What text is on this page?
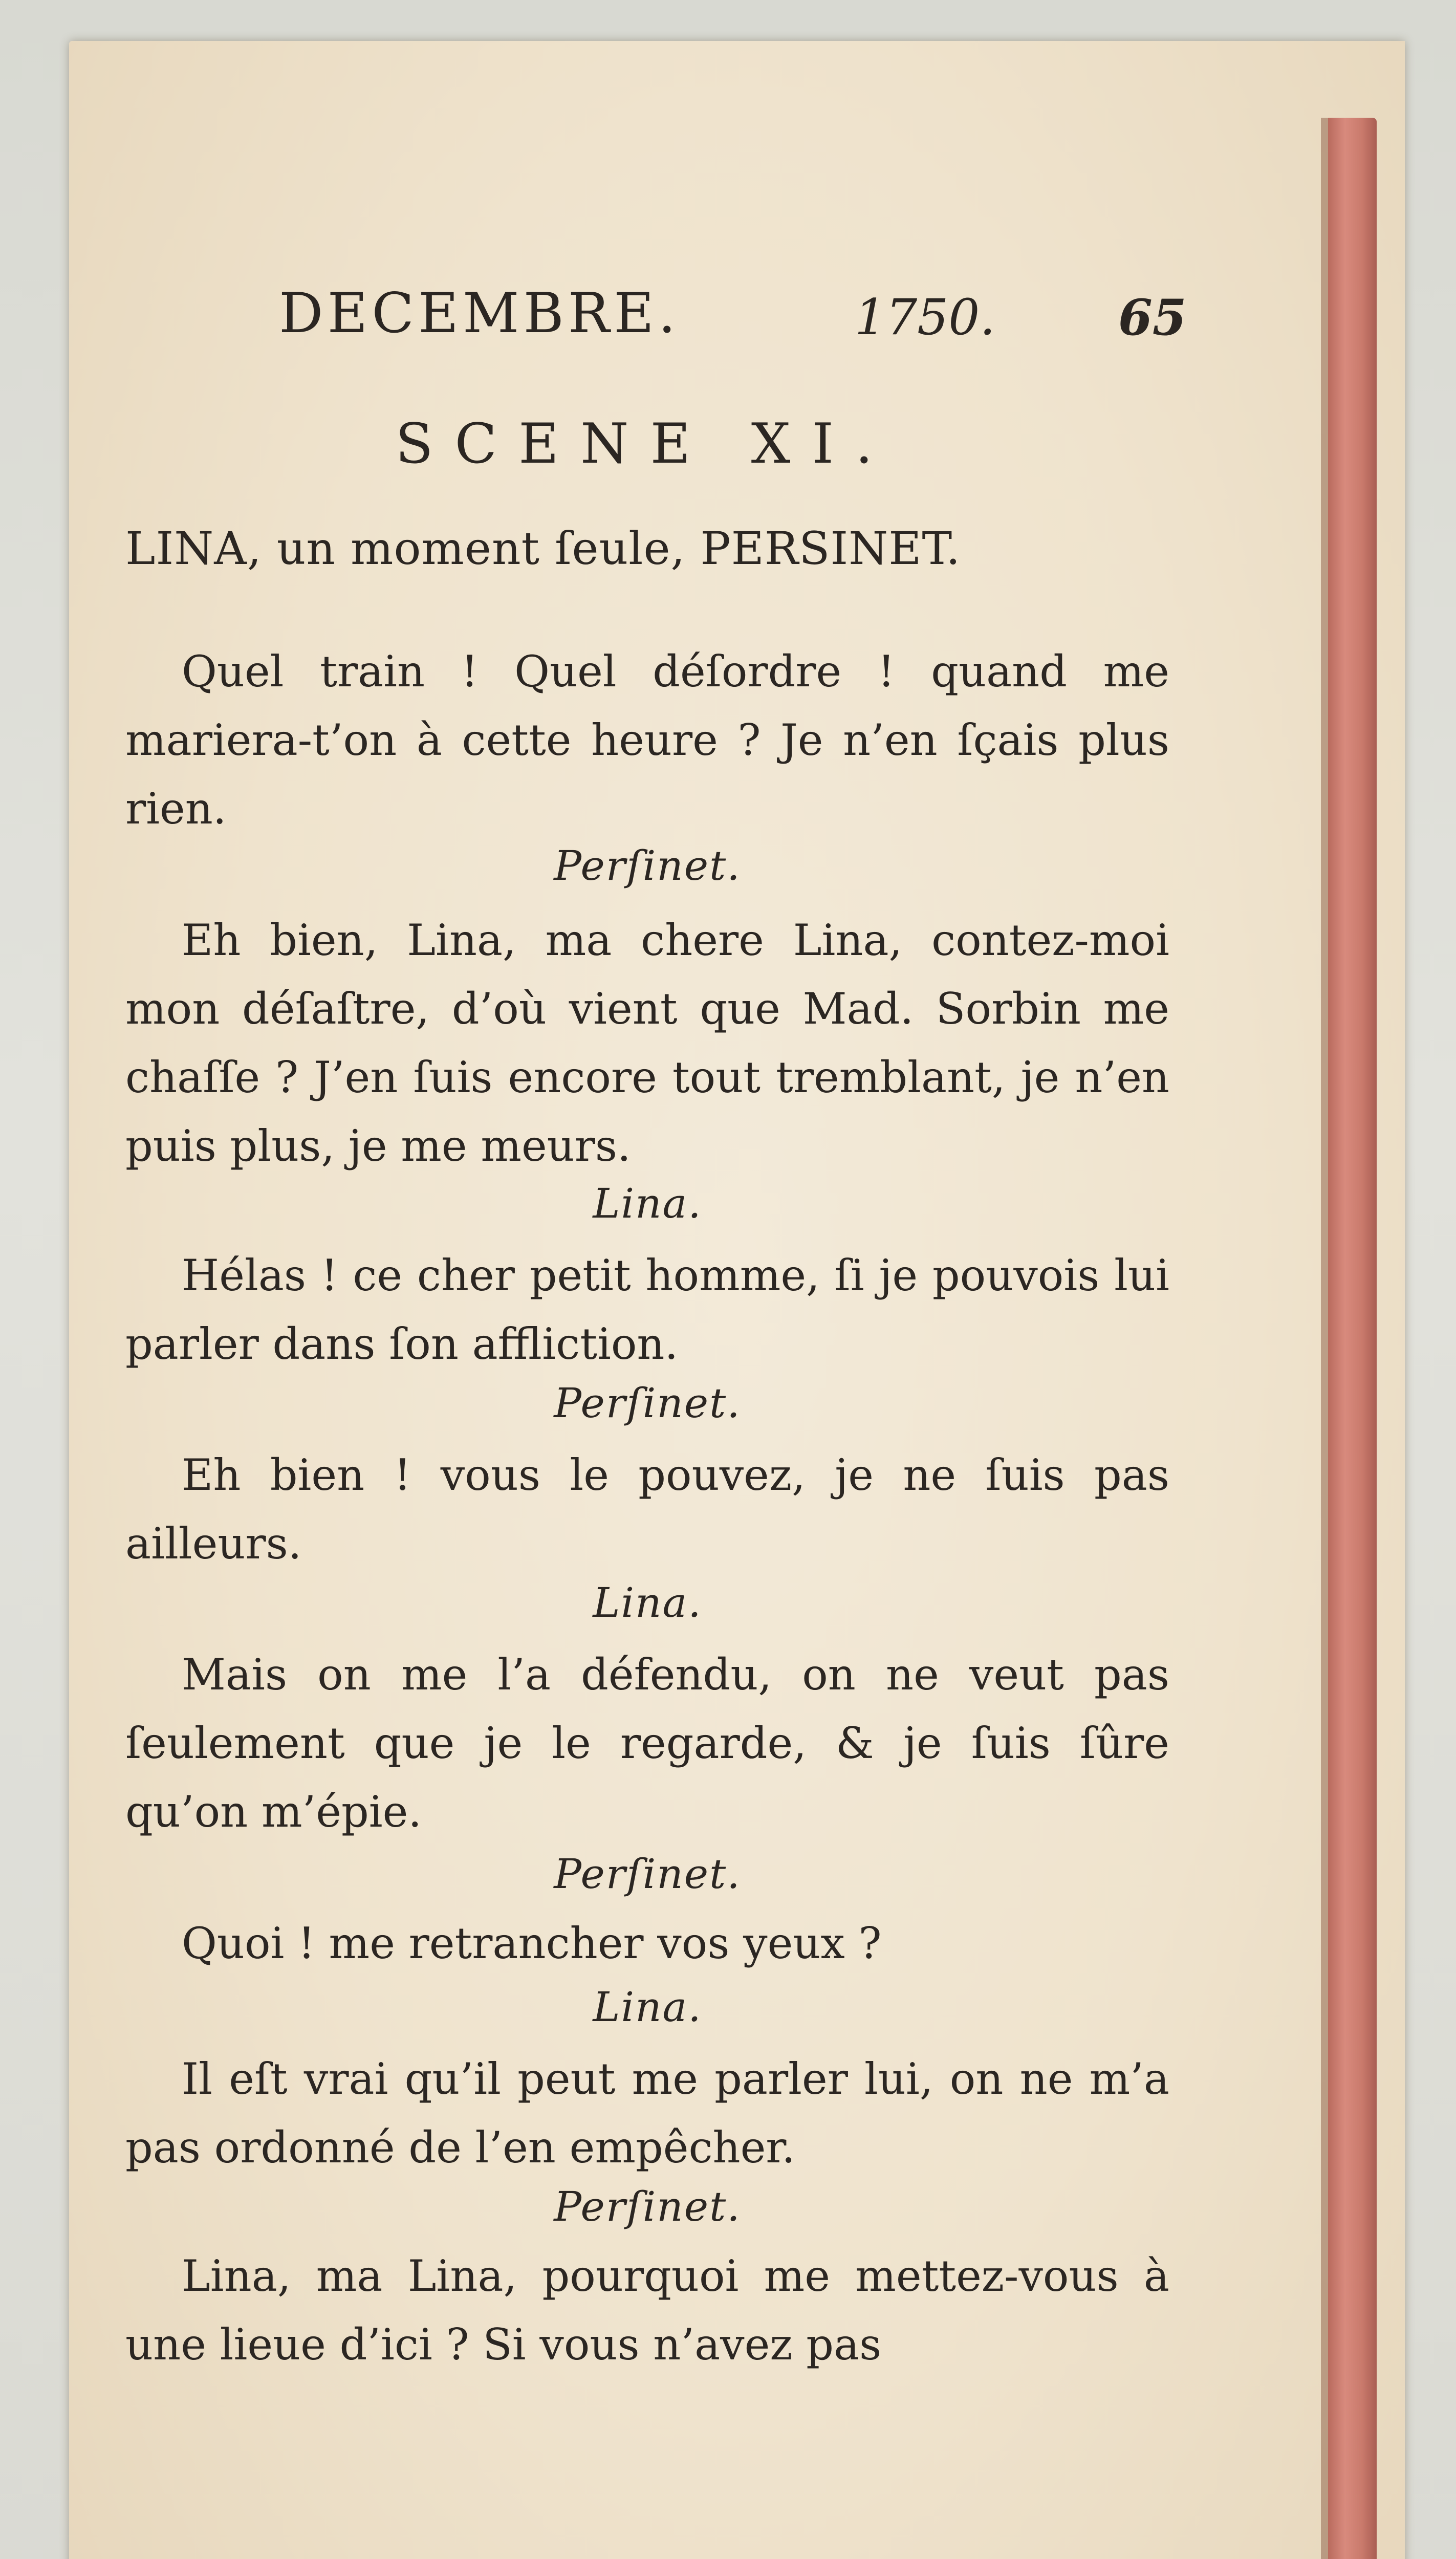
DECEMBRE.	1750.	65
SCENE XI.
LINA, un moment ſeule, PERSINET.
Quel train ! Quel déſordre ! quand me mariera-t’on à cette heure ? Je n’en ſçais plus rien.
Perſinet.
Eh bien, Lina, ma chere Lina, contez-moi mon déſaſtre, d’où vient que Mad. Sorbin me chaſſe ? J’en ſuis encore tout tremblant, je n’en puis plus, je me meurs.
Lina.
Hélas ! ce cher petit homme, ſi je pouvois lui parler dans ſon affliction.
Perſinet.
Eh bien ! vous le pouvez, je ne ſuis pas ailleurs.
Lina.
Mais on me l’a défendu, on ne veut pas ſeulement que je le regarde, & je ſuis ſûre qu’on m’épie.
Perſinet.
Quoi ! me retrancher vos yeux ?
Lina.
Il eſt vrai qu’il peut me parler lui, on ne m’a pas ordonné de l’en empêcher.
Perſinet.
Lina, ma Lina, pourquoi me mettez-vous à une lieue d’ici ? Si vous n’avez pas
